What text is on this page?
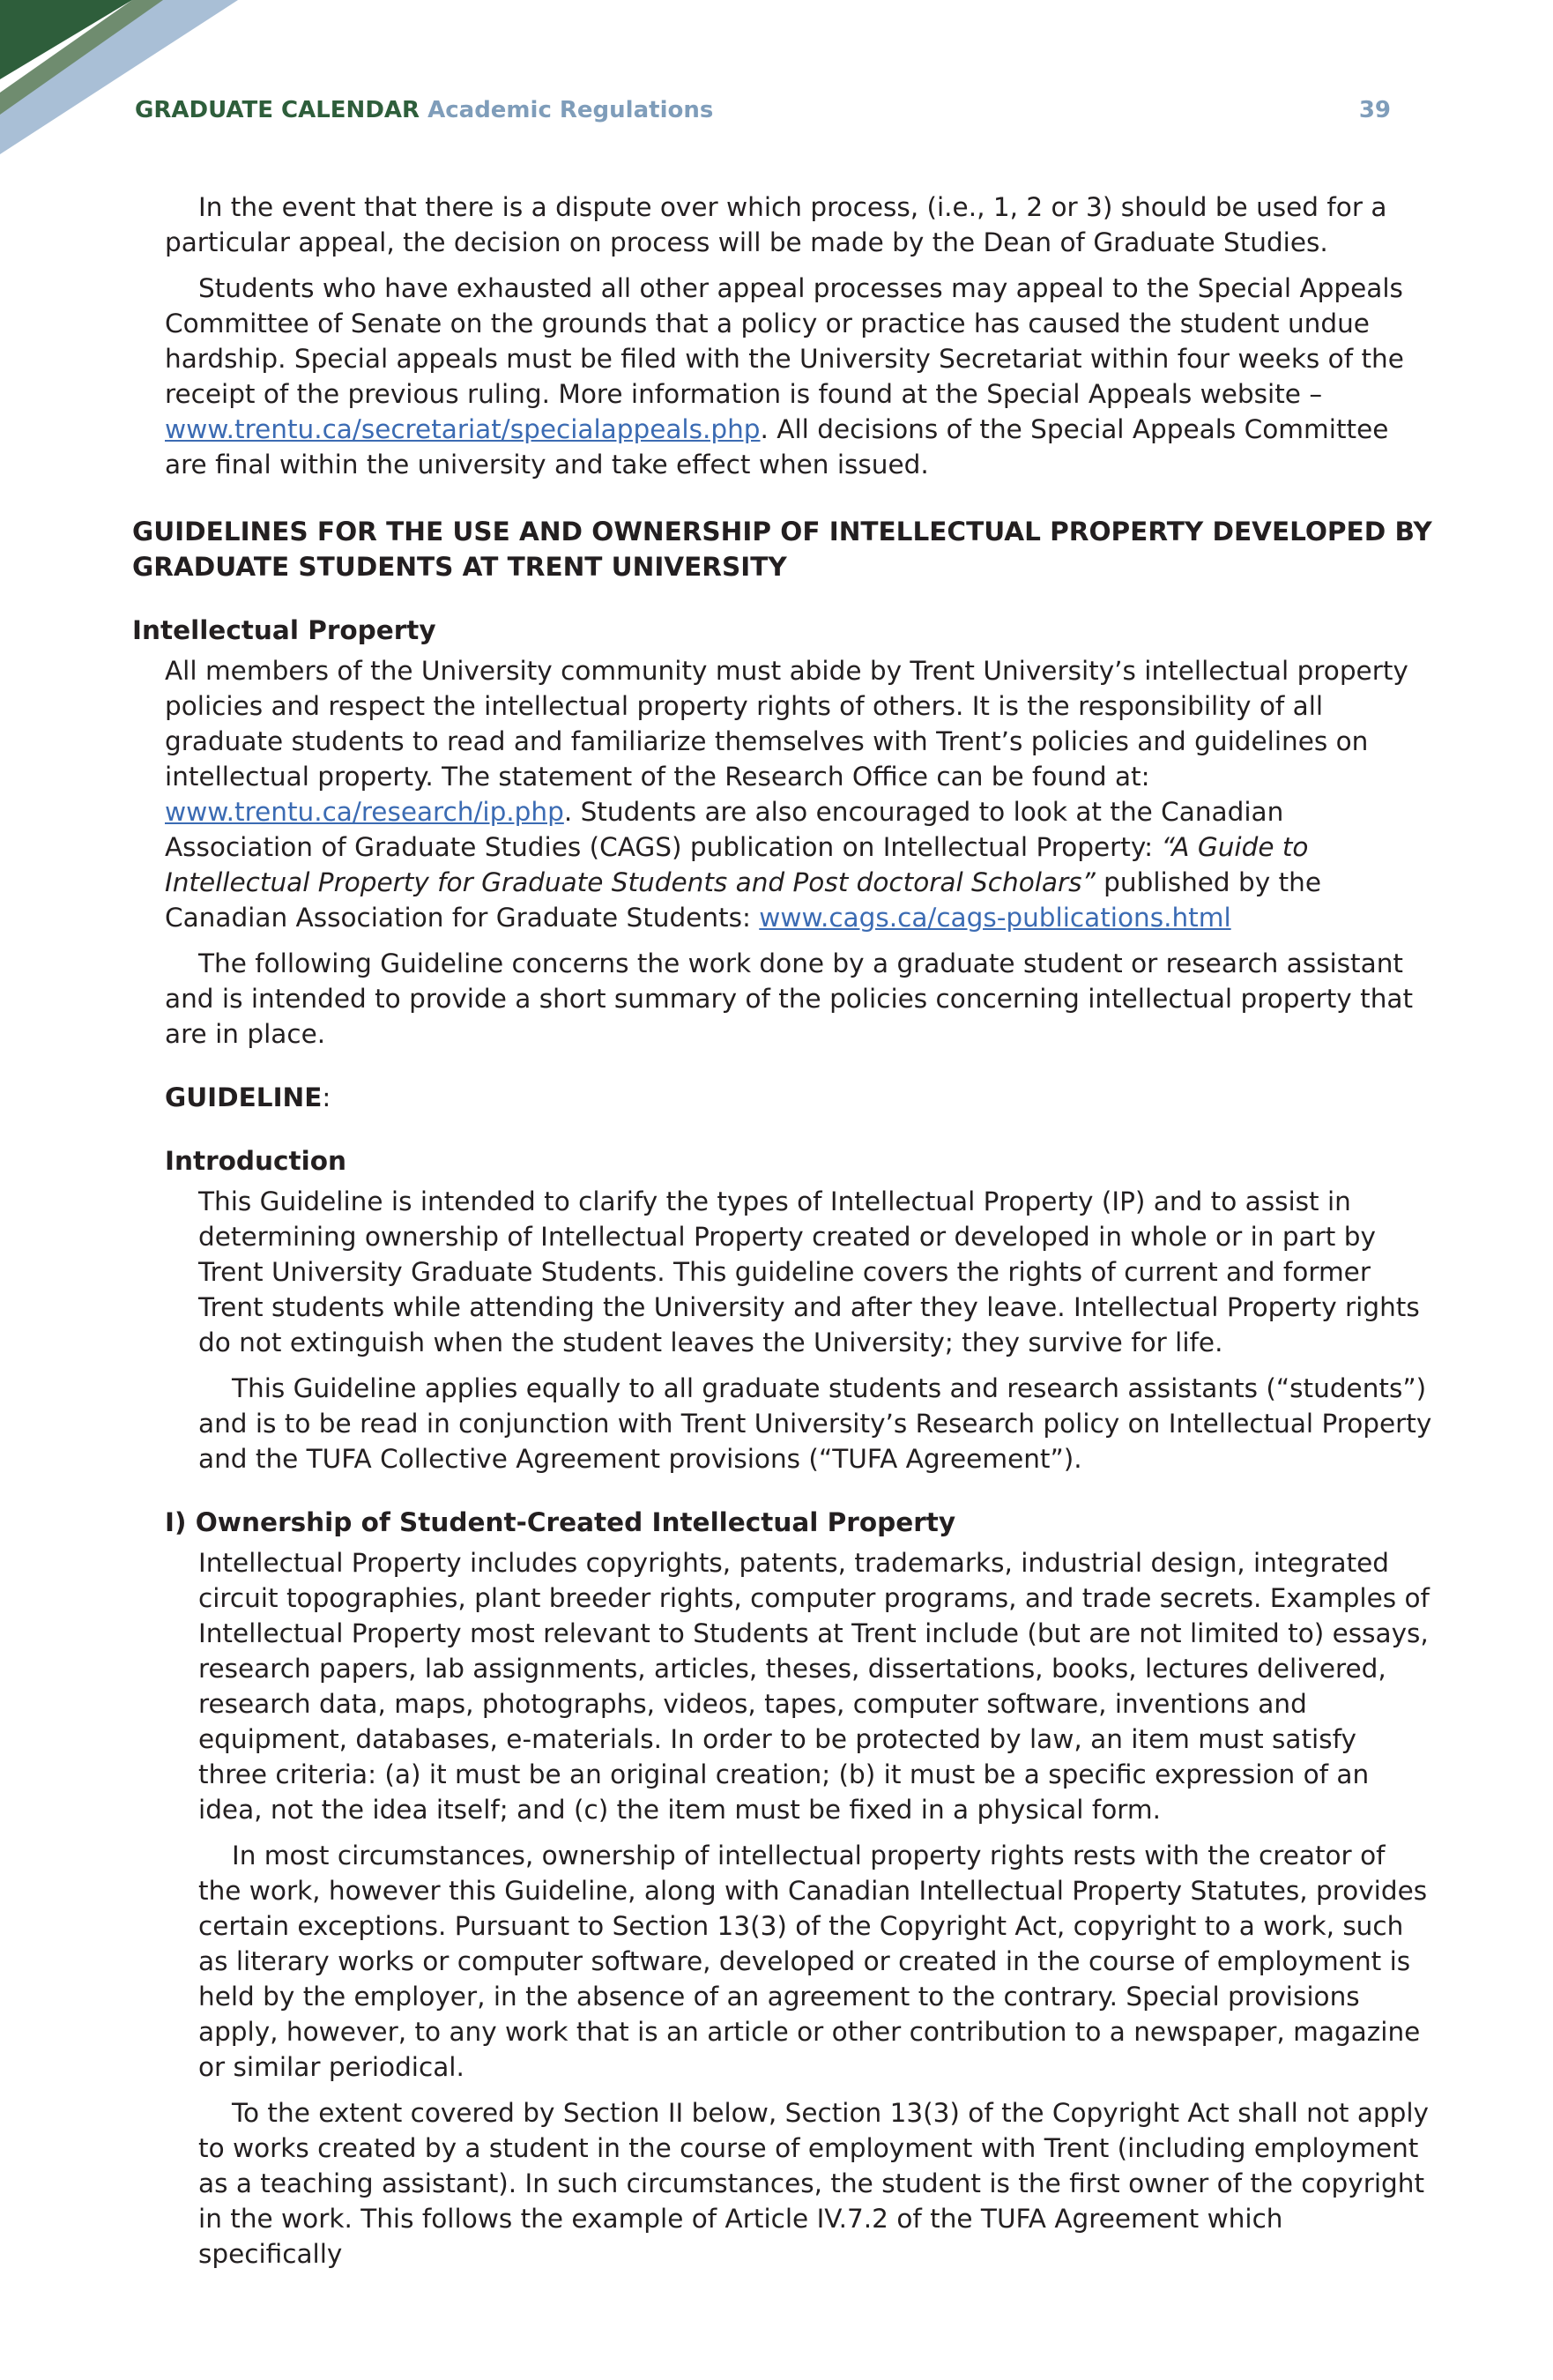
GRADUATE CALENDAR Academic Regulations	39

In the event that there is a dispute over which process, (i.e., 1, 2 or 3) should be used for a particular appeal, the decision on process will be made by the Dean of Graduate Studies.

Students who have exhausted all other appeal processes may appeal to the Special Appeals Committee of Senate on the grounds that a policy or practice has caused the student undue hardship. Special appeals must be filed with the University Secretariat within four weeks of the receipt of the previous ruling. More information is found at the Special Appeals website – www.trentu.ca/secretariat/specialappeals.php. All decisions of the Special Appeals Committee are final within the university and take effect when issued.

GUIDELINES FOR THE USE AND OWNERSHIP OF INTELLECTUAL PROPERTY DEVELOPED BY GRADUATE STUDENTS AT TRENT UNIVERSITY

Intellectual Property

All members of the University community must abide by Trent University’s intellectual property policies and respect the intellectual property rights of others. It is the responsibility of all graduate students to read and familiarize themselves with Trent’s policies and guidelines on intellectual property. The statement of the Research Office can be found at: www.trentu.ca/research/ip.php. Students are also encouraged to look at the Canadian Association of Graduate Studies (CAGS) publication on Intellectual Property: “A Guide to Intellectual Property for Graduate Students and Post doctoral Scholars” published by the Canadian Association for Graduate Students: www.cags.ca/cags-publications.html

The following Guideline concerns the work done by a graduate student or research assistant and is intended to provide a short summary of the policies concerning intellectual property that are in place.

GUIDELINE:

Introduction

This Guideline is intended to clarify the types of Intellectual Property (IP) and to assist in determining ownership of Intellectual Property created or developed in whole or in part by Trent University Graduate Students. This guideline covers the rights of current and former Trent students while attending the University and after they leave. Intellectual Property rights do not extinguish when the student leaves the University; they survive for life.

This Guideline applies equally to all graduate students and research assistants (“students”) and is to be read in conjunction with Trent University’s Research policy on Intellectual Property and the TUFA Collective Agreement provisions (“TUFA Agreement”).

I) Ownership of Student-Created Intellectual Property

Intellectual Property includes copyrights, patents, trademarks, industrial design, integrated circuit topographies, plant breeder rights, computer programs, and trade secrets. Examples of Intellectual Property most relevant to Students at Trent include (but are not limited to) essays, research papers, lab assignments, articles, theses, dissertations, books, lectures delivered, research data, maps, photographs, videos, tapes, computer software, inventions and equipment, databases, e-materials. In order to be protected by law, an item must satisfy three criteria: (a) it must be an original creation; (b) it must be a specific expression of an idea, not the idea itself; and (c) the item must be fixed in a physical form.

In most circumstances, ownership of intellectual property rights rests with the creator of the work, however this Guideline, along with Canadian Intellectual Property Statutes, provides certain exceptions. Pursuant to Section 13(3) of the Copyright Act, copyright to a work, such as literary works or computer software, developed or created in the course of employment is held by the employer, in the absence of an agreement to the contrary. Special provisions apply, however, to any work that is an article or other contribution to a newspaper, magazine or similar periodical.

To the extent covered by Section II below, Section 13(3) of the Copyright Act shall not apply to works created by a student in the course of employment with Trent (including employment as a teaching assistant). In such circumstances, the student is the first owner of the copyright in the work. This follows the example of Article IV.7.2 of the TUFA Agreement which specifically
